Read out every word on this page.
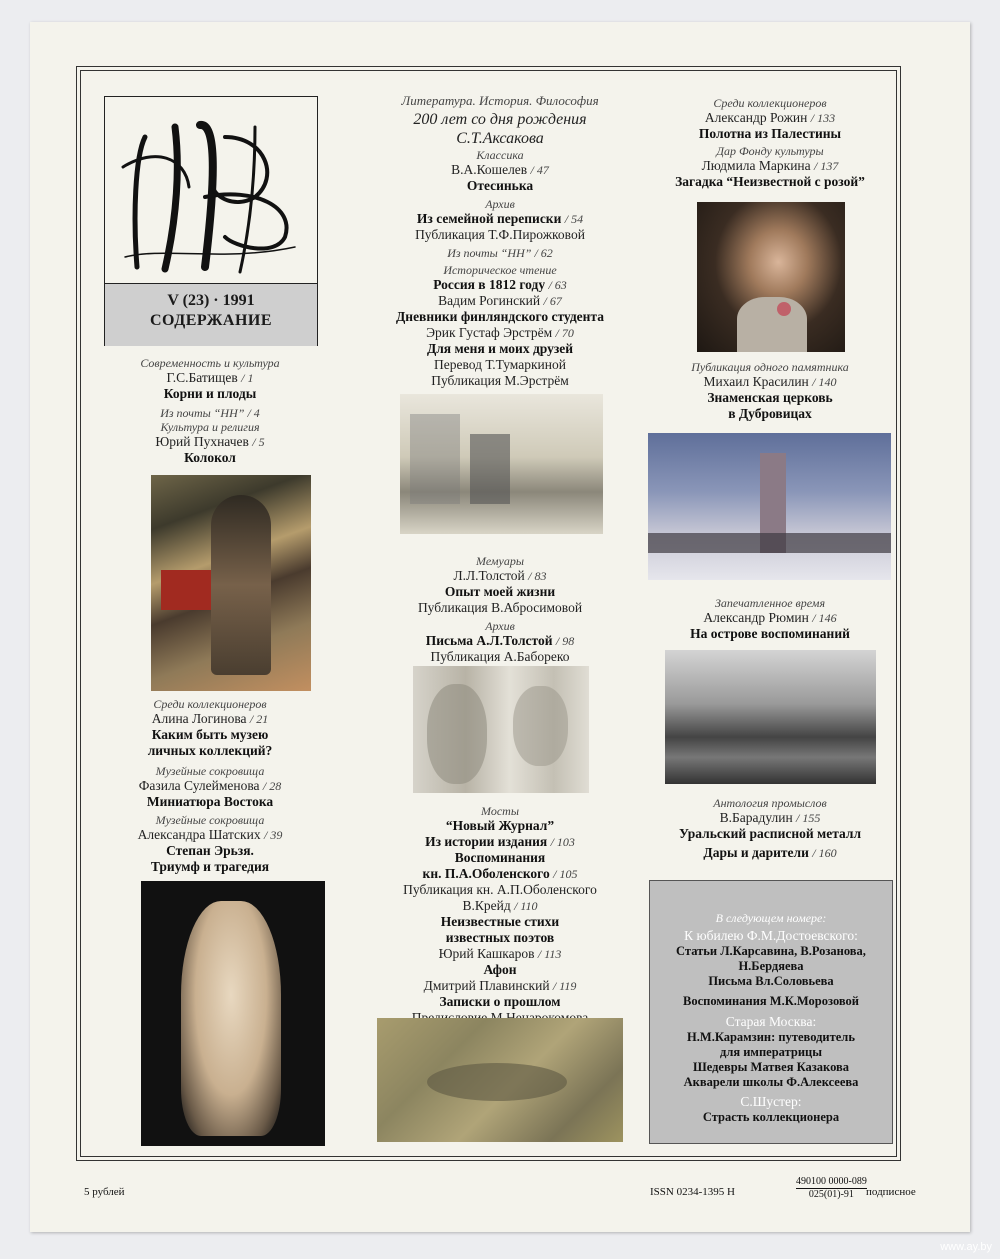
V (23) · 1991
СОДЕРЖАНИЕ
Современность и культура
Г.С.Батищев / 1
Корни и плоды
Из почты “НН” / 4
Культура и религия
Юрий Пухначев / 5
Колокол
Среди коллекционеров
Алина Логинова / 21
Каким быть музею
личных коллекций?
Музейные сокровища
Фазила Сулейменова / 28
Миниатюра Востока
Музейные сокровища
Александра Шатских / 39
Степан Эрьзя.
Триумф и трагедия
Литература. История. Философия
200 лет со дня рождения
С.Т.Аксакова
Классика
В.А.Кошелев / 47
Отесинька
Архив
Из семейной переписки / 54
Публикация Т.Ф.Пирожковой
Из почты “НН” / 62
Историческое чтение
Россия в 1812 году / 63
Вадим Рогинский / 67
Дневники финляндского студента
Эрик Густаф Эрстрём / 70
Для меня и моих друзей
Перевод Т.Тумаркиной
Публикация М.Эрстрём
Мемуары
Л.Л.Толстой / 83
Опыт моей жизни
Публикация В.Абросимовой
Архив
Письма А.Л.Толстой / 98
Публикация А.Бабореко
Мосты
“Новый Журнал”
Из истории издания / 103
Воспоминания
кн. П.А.Оболенского / 105
Публикация кн. А.П.Оболенского
В.Крейд / 110
Неизвестные стихи
известных поэтов
Юрий Кашкаров / 113
Афон
Дмитрий Плавинский / 119
Записки о прошлом
Среди коллекционеров
Александр Рожин / 133
Полотна из Палестины
Дар Фонду культуры
Людмила Маркина / 137
Загадка “Неизвестной с розой”
Публикация одного памятника
Михаил Красилин / 140
Знаменская церковь
в Дубровицах
Запечатленное время
Александр Рюмин / 146
На острове воспоминаний
Антология промыслов
В.Барадулин / 155
Уральский расписной металл
Дары и дарители / 160
В следующем номере:
К юбилею Ф.М.Достоевского:
Статьи Л.Карсавина, В.Розанова,
Н.Бердяева
Письма Вл.Соловьева
Воспоминания М.К.Морозовой
Старая Москва:
Н.М.Карамзин: путеводитель
для императрицы
Шедевры Матвея Казакова
Акварели школы Ф.Алексеева
С.Шустер:
Страсть коллекционера
5 рублей	ISSN 0234-1395 Н
490100 0000-089
025(01)-91	подписное
www.ay.by
